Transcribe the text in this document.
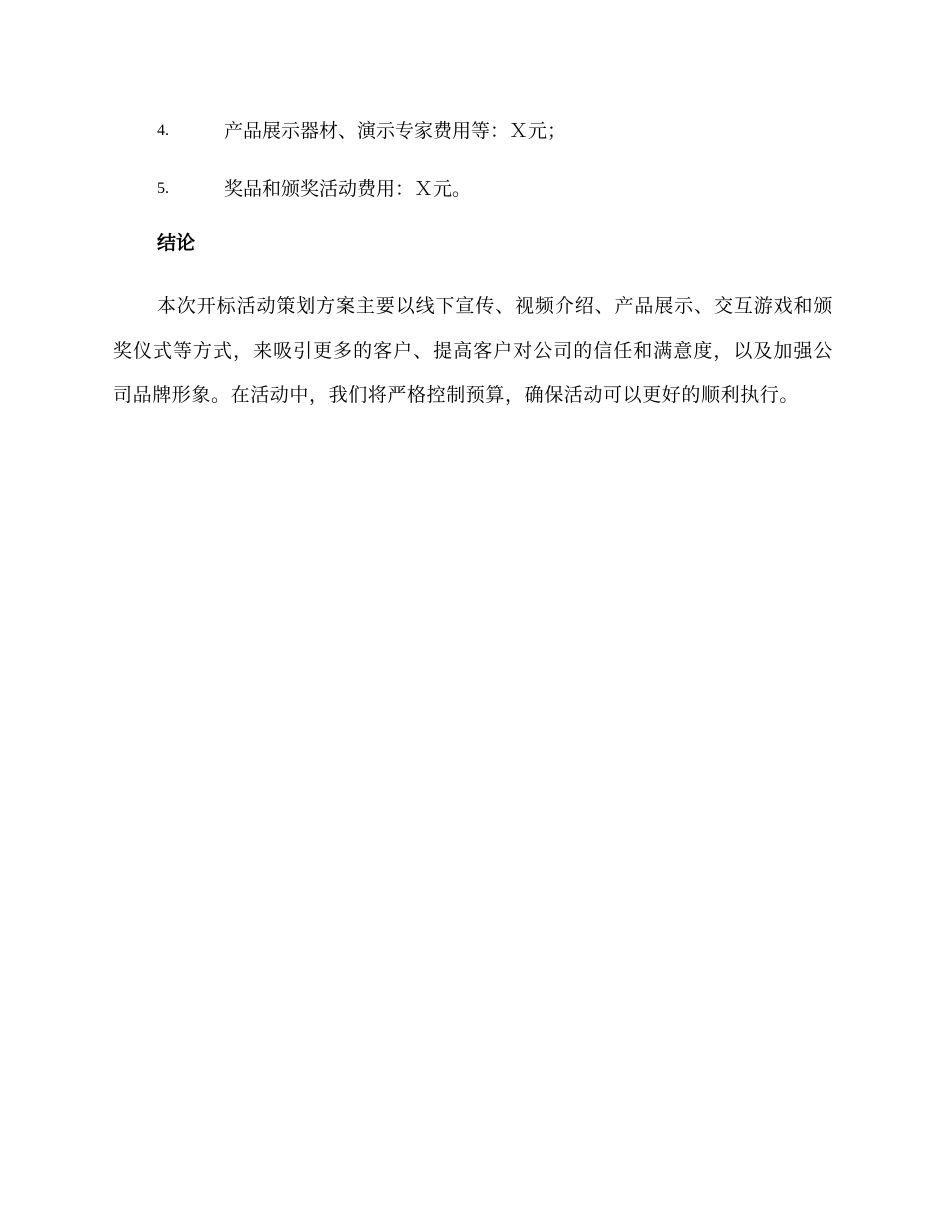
4.	产品展示器材、演示专家费用等：Ｘ元；
5.	奖品和颁奖活动费用：Ｘ元。
结论

本次开标活动策划方案主要以线下宣传、视频介绍、产品展示、交互游戏和颁奖仪式等方式，来吸引更多的客户、提高客户对公司的信任和满意度，以及加强公司品牌形象。在活动中，我们将严格控制预算，确保活动可以更好的顺利执行。
